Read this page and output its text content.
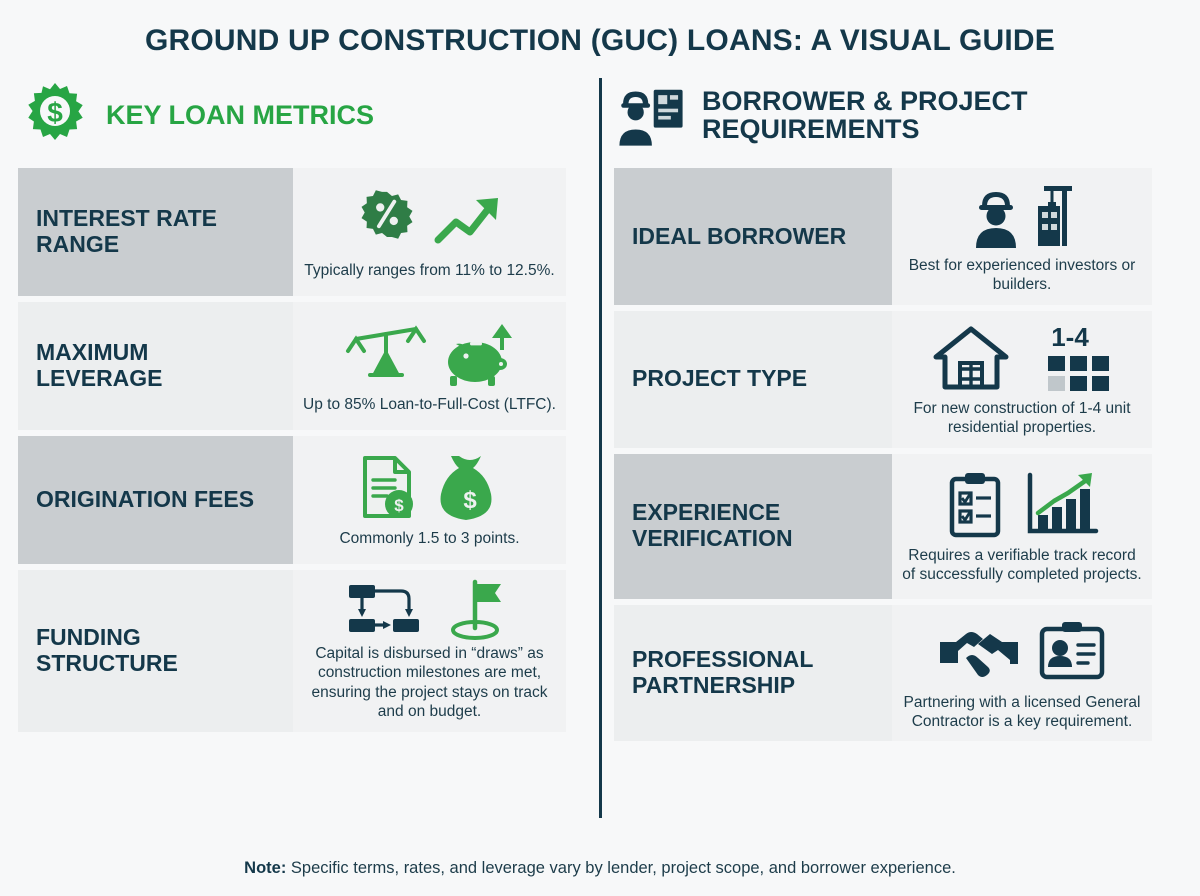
GROUND UP CONSTRUCTION (GUC) LOANS: A VISUAL GUIDE
$ KEY LOAN METRICS
INTEREST RATE RANGE
Typically ranges from 11% to 12.5%.
MAXIMUM LEVERAGE
Up to 85% Loan-to-Full-Cost (LTFC).
ORIGINATION FEES	$ $
Commonly 1.5 to 3 points.
FUNDING STRUCTURE	Capital is disbursed in “draws” as construction milestones are met, ensuring the project stays on track and on budget.
BORROWER & PROJECT REQUIREMENTS
IDEAL BORROWER
Best for experienced investors or builders.
PROJECT TYPE
1-4
For new construction of 1-4 unit residential properties.
EXPERIENCE VERIFICATION
Requires a verifiable track record of successfully completed projects.
PROFESSIONAL PARTNERSHIP
Partnering with a licensed General Contractor is a key requirement.
Note: Specific terms, rates, and leverage vary by lender, project scope, and borrower experience.
